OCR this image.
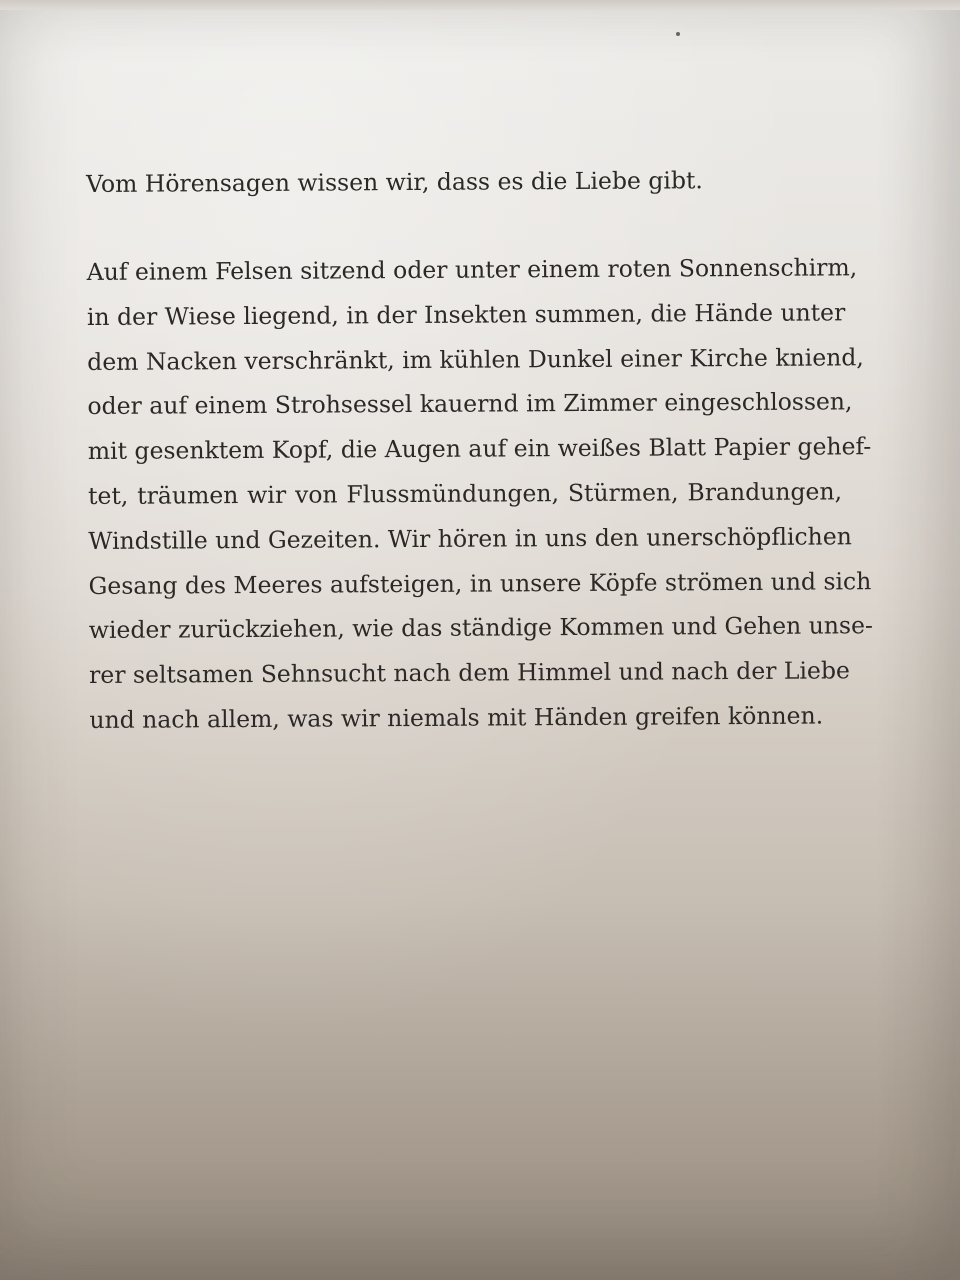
Vom Hörensagen wissen wir, dass es die Liebe gibt.
Auf einem Felsen sitzend oder unter einem roten Sonnenschirm,
in der Wiese liegend, in der Insekten summen, die Hände unter
dem Nacken verschränkt, im kühlen Dunkel einer Kirche kniend,
oder auf einem Strohsessel kauernd im Zimmer eingeschlossen,
mit gesenktem Kopf, die Augen auf ein weißes Blatt Papier gehef-
tet, träumen wir von Flussmündungen, Stürmen, Brandungen,
Windstille und Gezeiten. Wir hören in uns den unerschöpflichen
Gesang des Meeres aufsteigen, in unsere Köpfe strömen und sich
wieder zurückziehen, wie das ständige Kommen und Gehen unse-
rer seltsamen Sehnsucht nach dem Himmel und nach der Liebe
und nach allem, was wir niemals mit Händen greifen können.
